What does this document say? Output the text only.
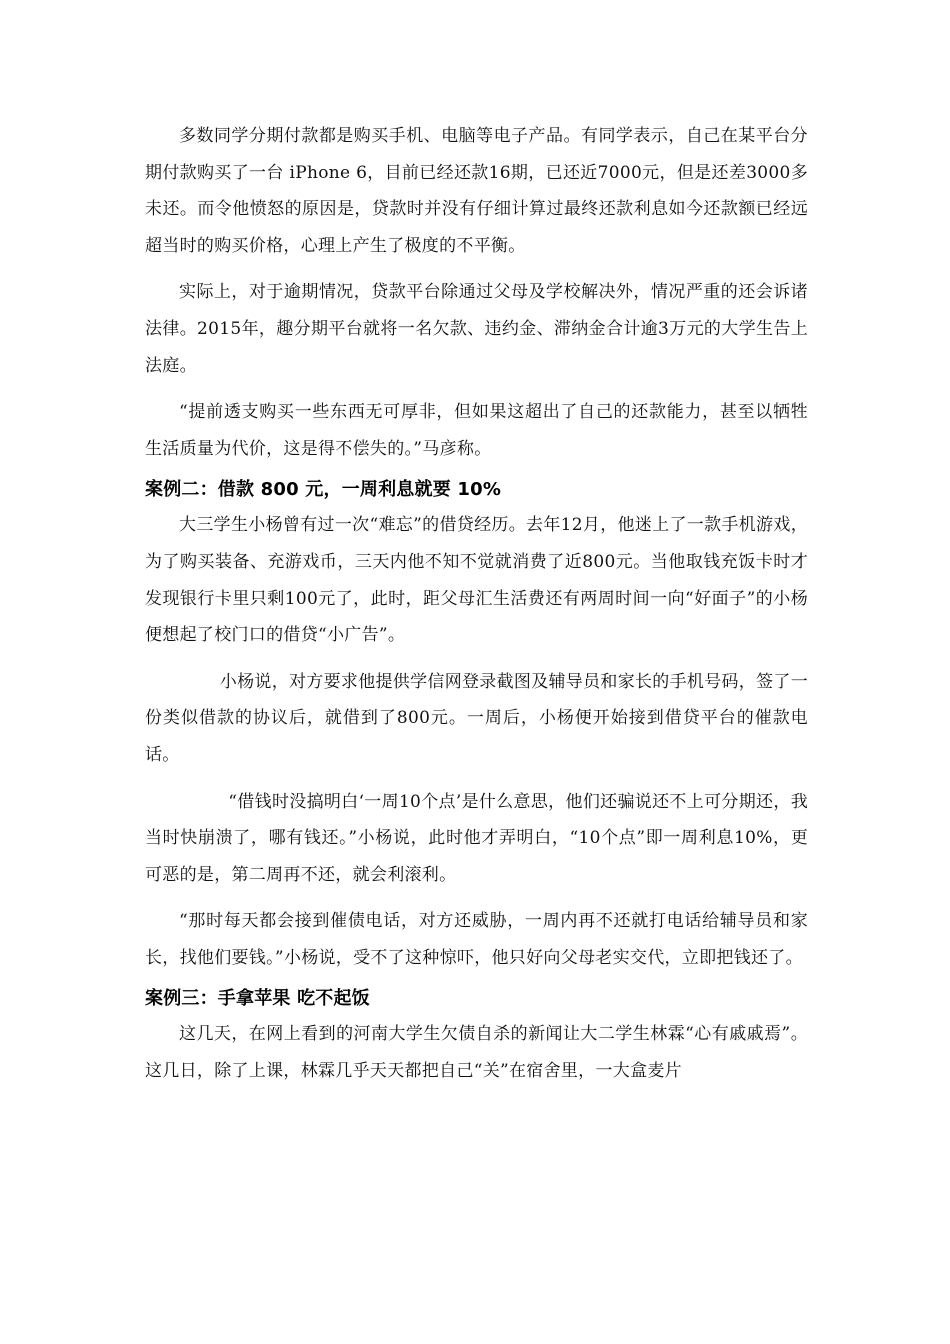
多数同学分期付款都是购买手机、电脑等电子产品。有同学表示，自己在某平台分期付款购买了一台 iPhone 6，目前已经还款16期，已还近7000元，但是还差3000多未还。而令他愤怒的原因是，贷款时并没有仔细计算过最终还款利息如今还款额已经远超当时的购买价格，心理上产生了极度的不平衡。

实际上，对于逾期情况，贷款平台除通过父母及学校解决外，情况严重的还会诉诸法律。2015年，趣分期平台就将一名欠款、违约金、滞纳金合计逾3万元的大学生告上法庭。

“提前透支购买一些东西无可厚非，但如果这超出了自己的还款能力，甚至以牺牲生活质量为代价，这是得不偿失的。”马彦称。

案例二：借款 800 元，一周利息就要 10%

大三学生小杨曾有过一次“难忘”的借贷经历。去年12月，他迷上了一款手机游戏，为了购买装备、充游戏币，三天内他不知不觉就消费了近800元。当他取钱充饭卡时才发现银行卡里只剩100元了，此时，距父母汇生活费还有两周时间一向“好面子”的小杨便想起了校门口的借贷“小广告”。

小杨说，对方要求他提供学信网登录截图及辅导员和家长的手机号码，签了一份类似借款的协议后，就借到了800元。一周后，小杨便开始接到借贷平台的催款电话。

“借钱时没搞明白‘一周10个点’是什么意思，他们还骗说还不上可分期还，我当时快崩溃了，哪有钱还。”小杨说，此时他才弄明白，“10个点”即一周利息10%，更可恶的是，第二周再不还，就会利滚利。

“那时每天都会接到催债电话，对方还威胁，一周内再不还就打电话给辅导员和家长，找他们要钱。”小杨说，受不了这种惊吓，他只好向父母老实交代，立即把钱还了。

案例三：手拿苹果 吃不起饭

这几天，在网上看到的河南大学生欠债自杀的新闻让大二学生林霖“心有戚戚焉”。这几日，除了上课，林霖几乎天天都把自己“关”在宿舍里，一大盒麦片
